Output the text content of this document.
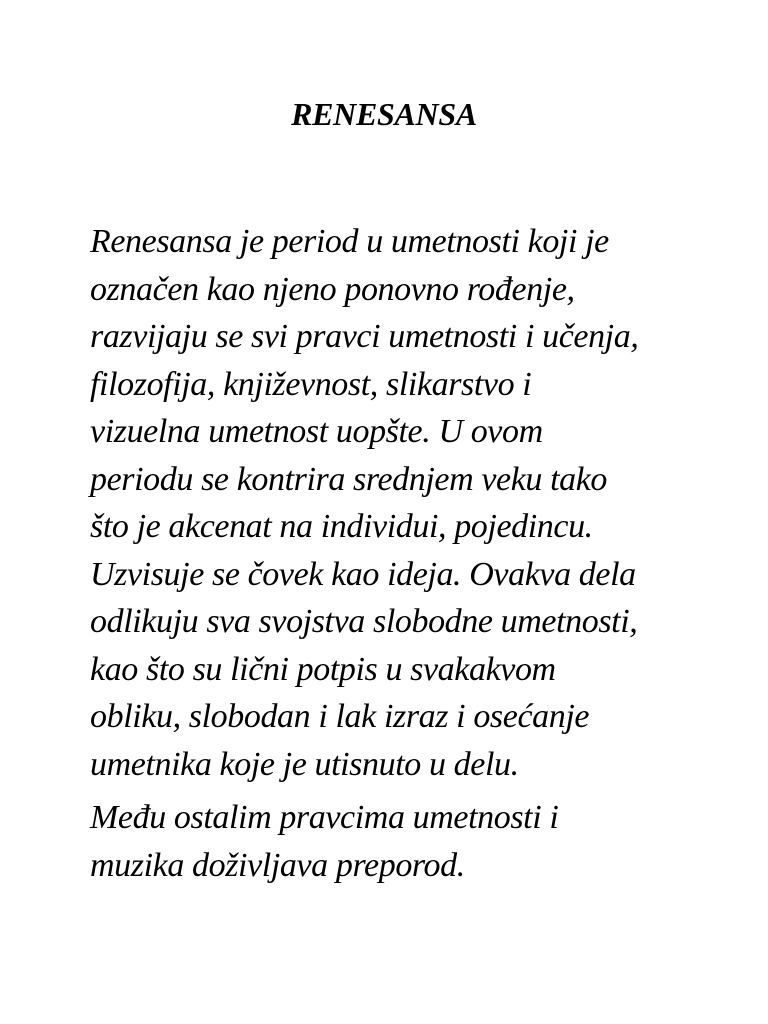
RENESANSA
Renesansa je period u umetnosti koji je
označen kao njeno ponovno rođenje,
razvijaju se svi pravci umetnosti i učenja,
filozofija, književnost, slikarstvo i
vizuelna umetnost uopšte. U ovom
periodu se kontrira srednjem veku tako
što je akcenat na individui, pojedincu.
Uzvisuje se čovek kao ideja. Ovakva dela
odlikuju sva svojstva slobodne umetnosti,
kao što su lični potpis u svakakvom
obliku, slobodan i lak izraz i osećanje
umetnika koje je utisnuto u delu.
Među ostalim pravcima umetnosti i
muzika doživljava preporod.
